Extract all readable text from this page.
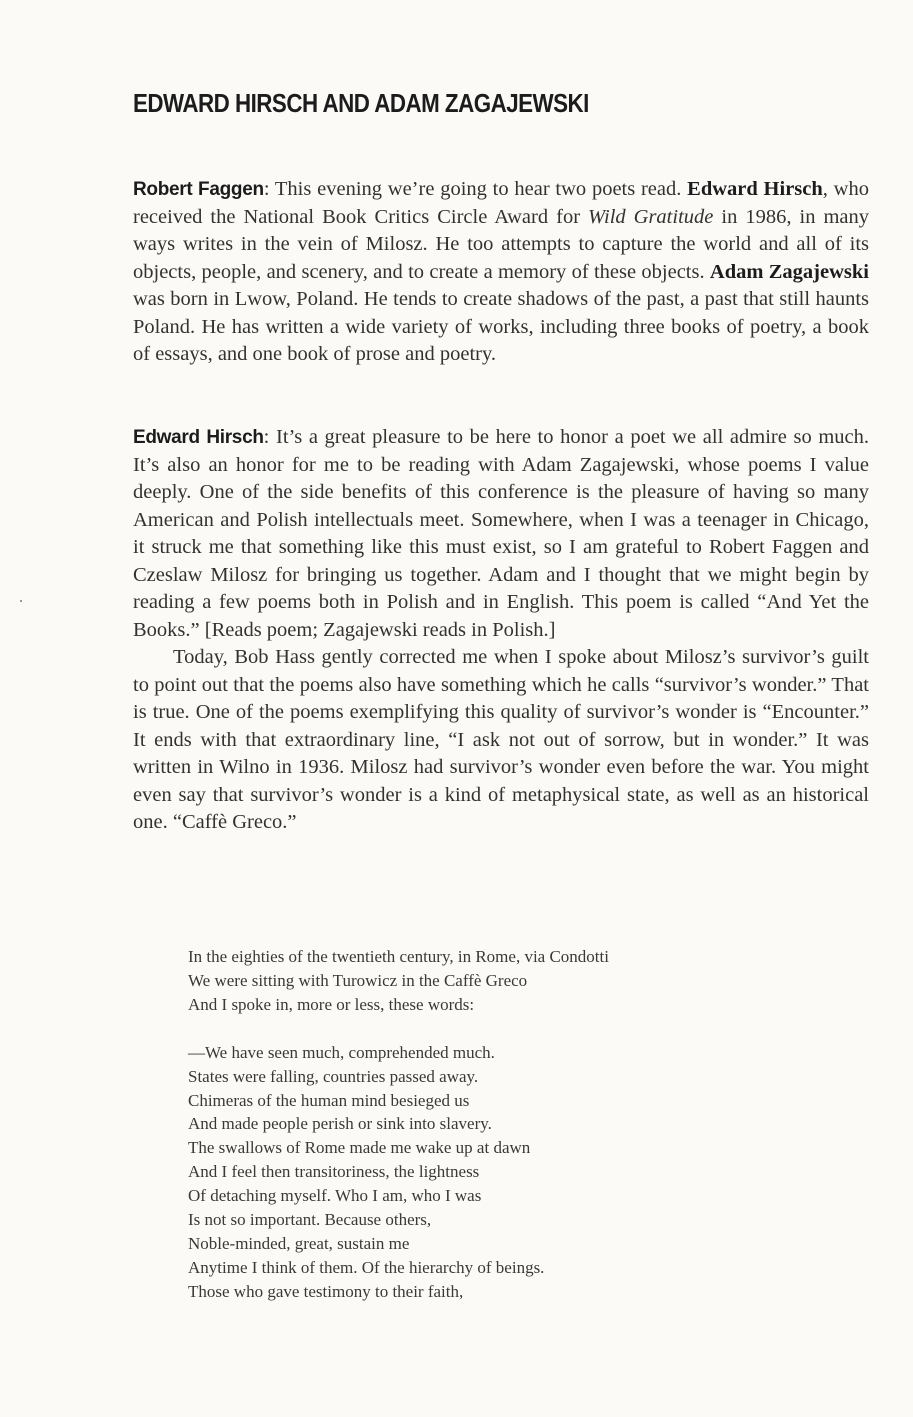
EDWARD HIRSCH AND ADAM ZAGAJEWSKI

Robert Faggen: This evening we’re going to hear two poets read. Edward Hirsch, who received the National Book Critics Circle Award for Wild Gratitude in 1986, in many ways writes in the vein of Milosz. He too attempts to capture the world and all of its objects, people, and scenery, and to create a memory of these objects. Adam Zagajewski was born in Lwow, Poland. He tends to create shadows of the past, a past that still haunts Poland. He has written a wide variety of works, including three books of poetry, a book of essays, and one book of prose and poetry.

Edward Hirsch: It’s a great pleasure to be here to honor a poet we all admire so much. It’s also an honor for me to be reading with Adam Zagajewski, whose poems I value deeply. One of the side benefits of this conference is the pleasure of having so many American and Polish intellectuals meet. Somewhere, when I was a teenager in Chicago, it struck me that something like this must exist, so I am grateful to Robert Faggen and Czeslaw Milosz for bringing us together. Adam and I thought that we might begin by reading a few poems both in Polish and in English. This poem is called “And Yet the Books.” [Reads poem; Zagajewski reads in Polish.]

Today, Bob Hass gently corrected me when I spoke about Milosz’s survivor’s guilt to point out that the poems also have something which he calls “survivor’s wonder.” That is true. One of the poems exemplifying this quality of survivor’s wonder is “Encounter.” It ends with that extraordinary line, “I ask not out of sorrow, but in wonder.” It was written in Wilno in 1936. Milosz had survivor’s wonder even before the war. You might even say that survivor’s wonder is a kind of metaphysical state, as well as an historical one. “Caffè Greco.”

In the eighties of the twentieth century, in Rome, via Condotti
We were sitting with Turowicz in the Caffè Greco
And I spoke in, more or less, these words:
—We have seen much, comprehended much.
States were falling, countries passed away.
Chimeras of the human mind besieged us
And made people perish or sink into slavery.
The swallows of Rome made me wake up at dawn
And I feel then transitoriness, the lightness
Of detaching myself. Who I am, who I was
Is not so important. Because others,
Noble-minded, great, sustain me
Anytime I think of them. Of the hierarchy of beings.
Those who gave testimony to their faith,
